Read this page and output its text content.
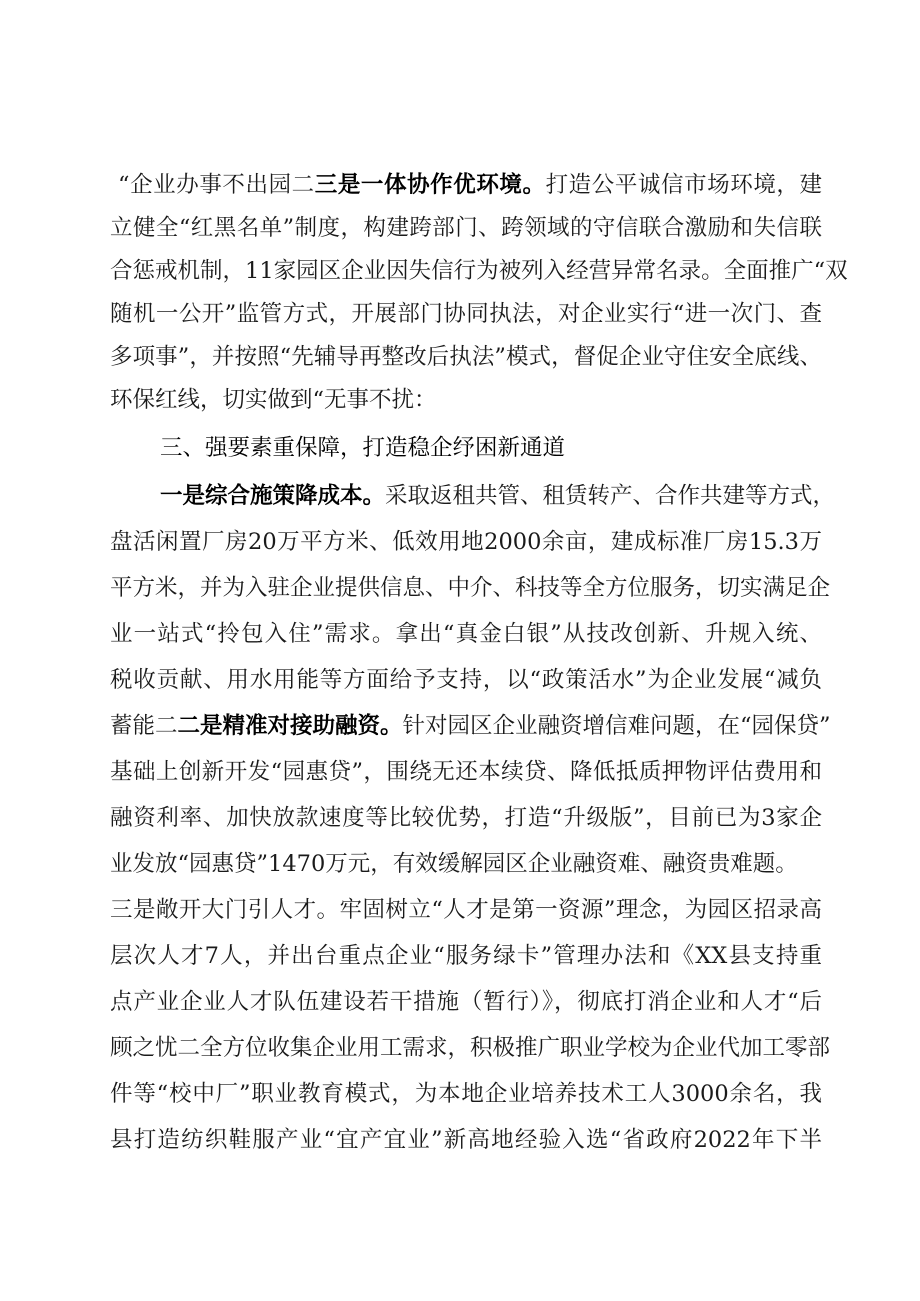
“企业办事不出园二三是一体协作优环境。打造公平诚信市场环境，建
立健全“红黑名单”制度，构建跨部门、跨领域的守信联合激励和失信联
合惩戒机制，11家园区企业因失信行为被列入经营异常名录。全面推广“双
随机一公开”监管方式，开展部门协同执法，对企业实行“进一次门、查
多项事”，并按照“先辅导再整改后执法”模式，督促企业守住安全底线、
环保红线，切实做到“无事不扰：
三、强要素重保障，打造稳企纾困新通道
一是综合施策降成本。采取返租共管、租赁转产、合作共建等方式，
盘活闲置厂房20万平方米、低效用地2000余亩，建成标准厂房15.3万
平方米，并为入驻企业提供信息、中介、科技等全方位服务，切实满足企
业一站式“拎包入住”需求。拿出“真金白银”从技改创新、升规入统、
税收贡献、用水用能等方面给予支持，以“政策活水”为企业发展“减负
蓄能二二是精准对接助融资。针对园区企业融资增信难问题，在“园保贷”
基础上创新开发“园惠贷”，围绕无还本续贷、降低抵质押物评估费用和
融资利率、加快放款速度等比较优势，打造“升级版”，目前已为3家企
业发放“园惠贷”1470万元，有效缓解园区企业融资难、融资贵难题。
三是敞开大门引人才。牢固树立“人才是第一资源”理念，为园区招录高
层次人才7人，并出台重点企业“服务绿卡”管理办法和《XX县支持重
点产业企业人才队伍建设若干措施（暂行）》，彻底打消企业和人才“后
顾之忧二全方位收集企业用工需求，积极推广职业学校为企业代加工零部
件等“校中厂”职业教育模式，为本地企业培养技术工人3000余名，我
县打造纺织鞋服产业“宜产宜业”新高地经验入选“省政府2022年下半
